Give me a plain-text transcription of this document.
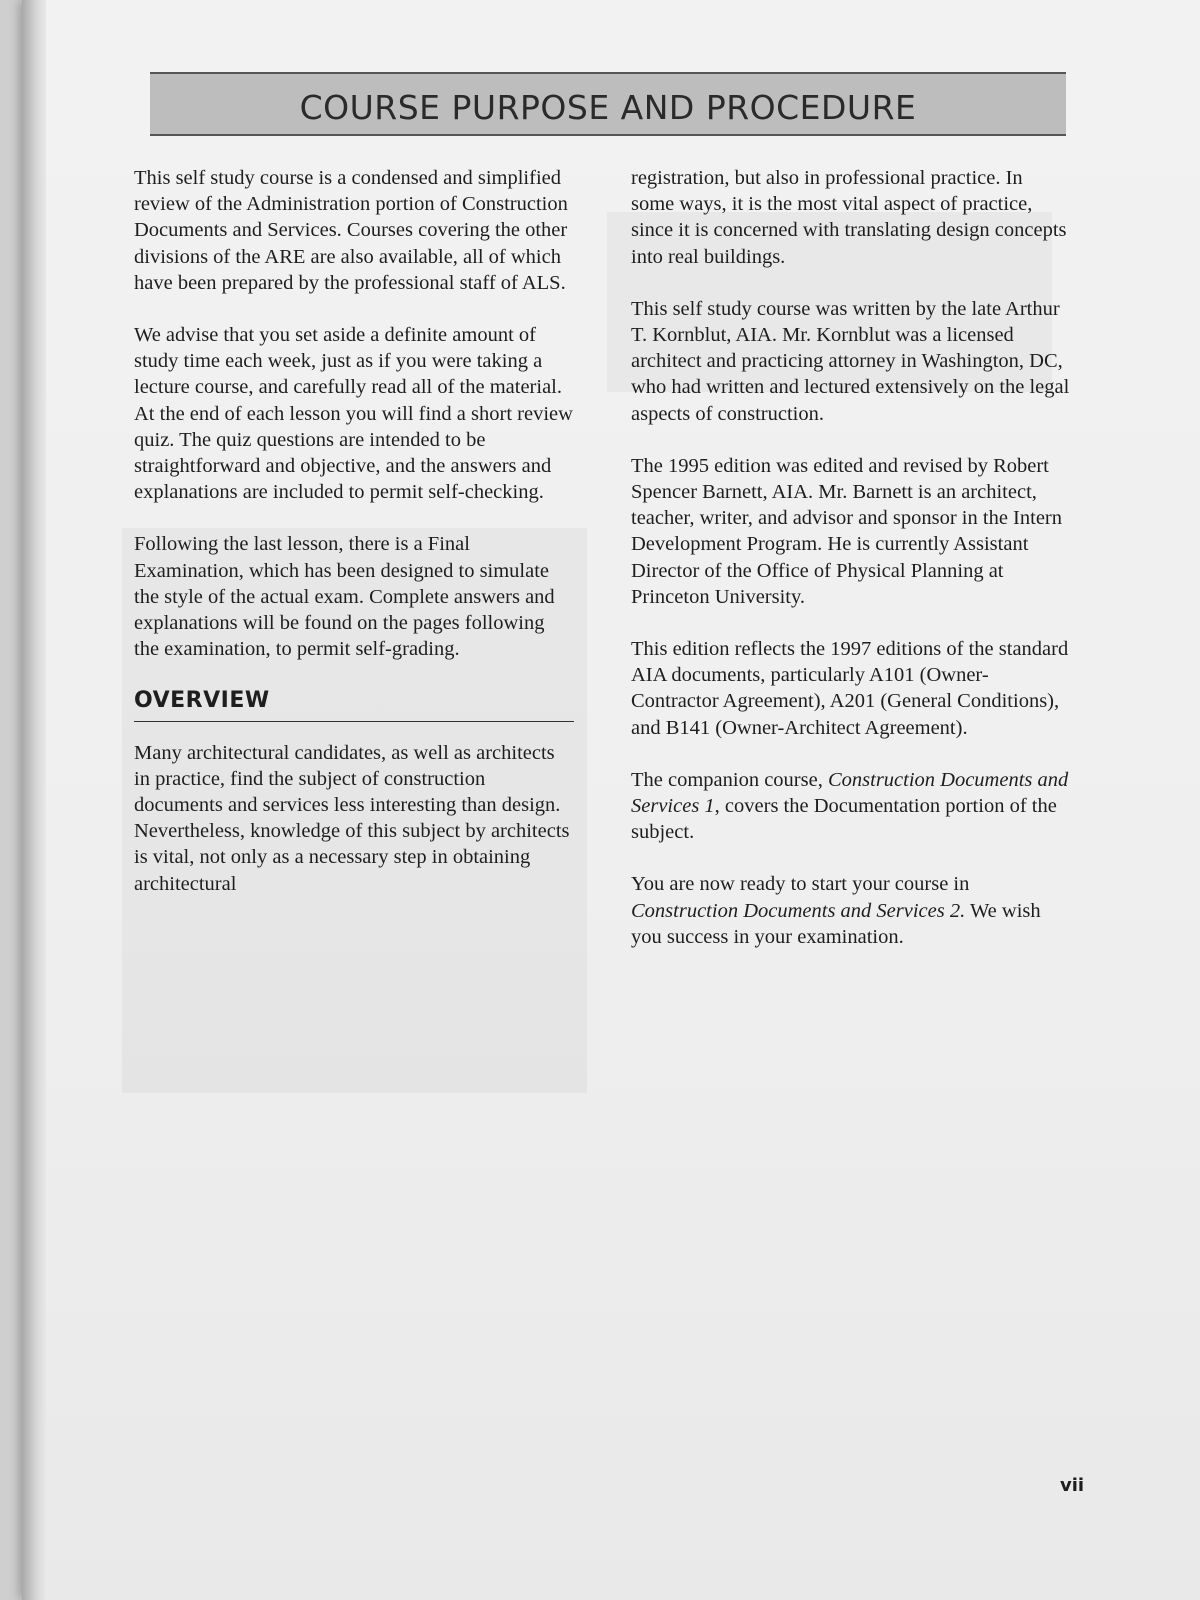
COURSE PURPOSE AND PROCEDURE

This self study course is a condensed and simplified review of the Administration portion of Construction Documents and Services. Courses covering the other divisions of the ARE are also available, all of which have been prepared by the professional staff of ALS.

We advise that you set aside a definite amount of study time each week, just as if you were taking a lecture course, and carefully read all of the material. At the end of each lesson you will find a short review quiz. The quiz questions are intended to be straightforward and objective, and the answers and explanations are included to permit self-checking.

Following the last lesson, there is a Final Examination, which has been designed to simulate the style of the actual exam. Complete answers and explanations will be found on the pages following the examination, to permit self-grading.

OVERVIEW

Many architectural candidates, as well as architects in practice, find the subject of construction documents and services less interesting than design. Nevertheless, knowledge of this subject by architects is vital, not only as a necessary step in obtaining architectural

registration, but also in professional practice. In some ways, it is the most vital aspect of practice, since it is concerned with translating design concepts into real buildings.

This self study course was written by the late Arthur T. Kornblut, AIA. Mr. Kornblut was a licensed architect and practicing attorney in Washington, DC, who had written and lectured extensively on the legal aspects of construction.

The 1995 edition was edited and revised by Robert Spencer Barnett, AIA. Mr. Barnett is an architect, teacher, writer, and advisor and sponsor in the Intern Development Program. He is currently Assistant Director of the Office of Physical Planning at Princeton University.

This edition reflects the 1997 editions of the standard AIA documents, particularly A101 (Owner-Contractor Agreement), A201 (General Conditions), and B141 (Owner-Architect Agreement).

The companion course, Construction Documents and Services 1, covers the Documentation portion of the subject.

You are now ready to start your course in Construction Documents and Services 2. We wish you success in your examination.

vii
